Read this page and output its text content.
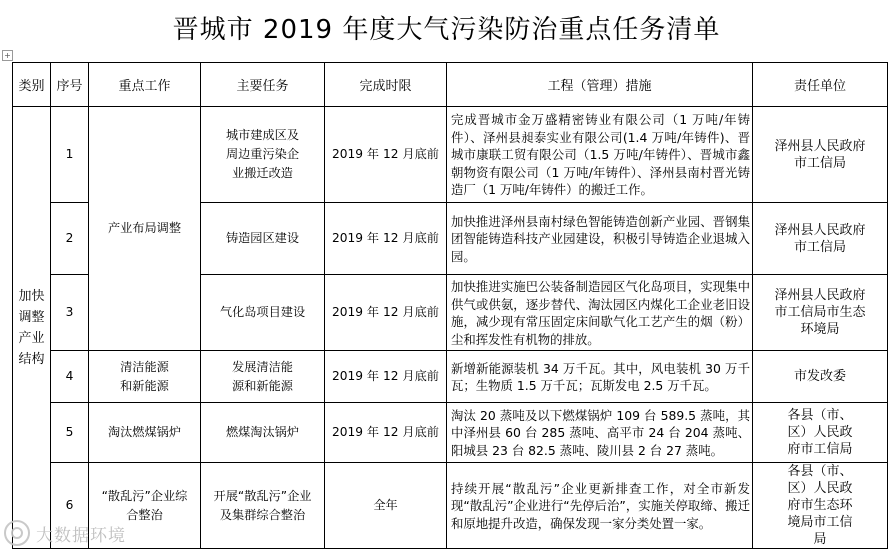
晋城市 2019 年度大气污染防治重点任务清单
+
类别	序号	重点工作	主要任务	完成时限	工程（管理）措施	责任单位
加快调整产业结构	1	产业布局调整	城市建成区及周边重污染企业搬迁改造	2019 年 12 月底前	完成晋城市金万盛精密铸业有限公司（1 万吨/年铸件）、泽州县昶泰实业有限公司(1.4 万吨/年铸件)、晋城市康联工贸有限公司（1.5 万吨/年铸件）、晋城市鑫朝物资有限公司（1 万吨/年铸件）、泽州县南村晋光铸造厂（1 万吨/年铸件）的搬迁工作。	泽州县人民政府市工信局
	2		铸造园区建设	2019 年 12 月底前	加快推进泽州县南村绿色智能铸造创新产业园、晋钢集团智能铸造科技产业园建设，积极引导铸造企业退城入园。	泽州县人民政府市工信局
	3		气化岛项目建设	2019 年 12 月底前	加快推进实施巴公装备制造园区气化岛项目，实现集中供气或供氨，逐步替代、淘汰园区内煤化工企业老旧设施，减少现有常压固定床间歇气化工艺产生的烟（粉）尘和挥发性有机物的排放。	泽州县人民政府市工信局市生态环境局
	4	清洁能源和新能源	发展清洁能源和新能源	2019 年 12 月底前	新增新能源装机 34 万千瓦。其中，风电装机 30 万千瓦；生物质 1.5 万千瓦；瓦斯发电 2.5 万千瓦。	市发改委
	5	淘汰燃煤锅炉	燃煤淘汰锅炉	2019 年 12 月底前	淘汰 20 蒸吨及以下燃煤锅炉 109 台 589.5 蒸吨，其中泽州县 60 台 285 蒸吨、高平市 24 台 204 蒸吨、阳城县 23 台 82.5 蒸吨、陵川县 2 台 27 蒸吨。	各县（市、区）人民政府市工信局
	6	“散乱污”企业综合整治	开展“散乱污”企业及集群综合整治	全年	持续开展“散乱污”企业更新排查工作，对全市新发现“散乱污”企业进行“先停后治”，实施关停取缔、搬迁和原地提升改造，确保发现一家分类处置一家。	各县（市、区）人民政府市生态环境局市工信局
大数据环境
